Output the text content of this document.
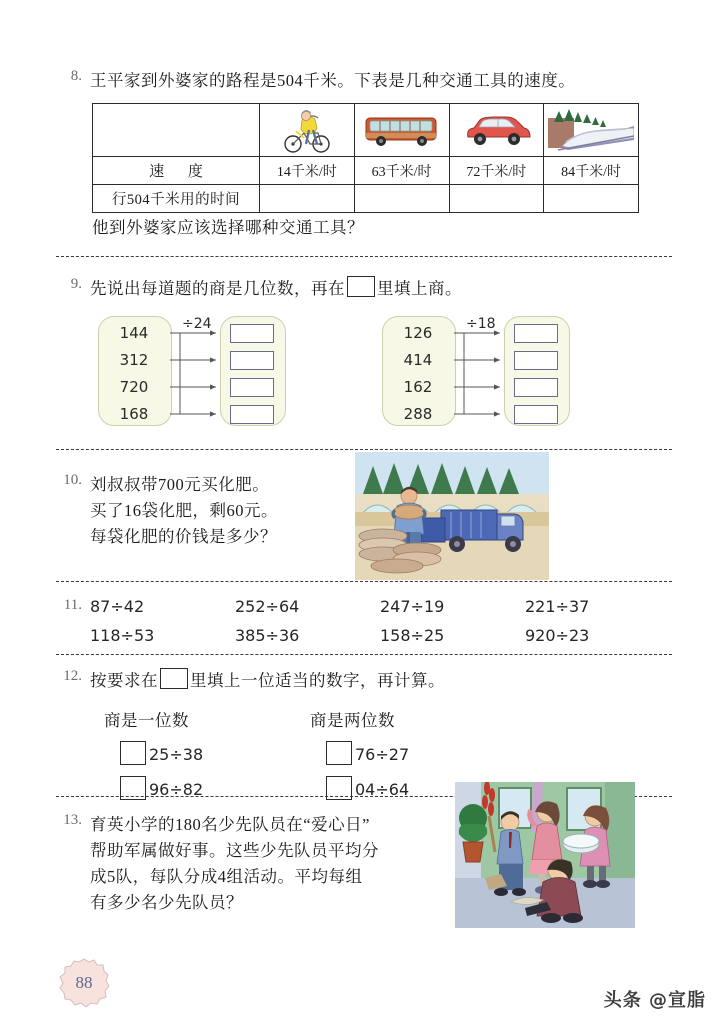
8. 王平家到外婆家的路程是504千米。下表是几种交通工具的速度。

速 度	14千米/时	63千米/时	72千米/时	84千米/时
行504千米用的时间				
他到外婆家应该选择哪种交通工具？
9. 先说出每道题的商是几位数，再在 里填上商。
144
312
720
168
÷24	126
414
162
288
÷18
10. 刘叔叔带700元买化肥。
买了16袋化肥，剩60元。
每袋化肥的价钱是多少？
11. 87÷42	252÷64	247÷19	221÷37
118÷53	385÷36	158÷25	920÷23
12. 按要求在 里填上一位适当的数字，再计算。
商是一位数
25÷38
96÷82
商是两位数
76÷27
04÷64
13. 育英小学的180名少先队员在“爱心日”
帮助军属做好事。这些少先队员平均分
成5队，每队分成4组活动。平均每组
有多少名少先队员？
88
头条 @宣脂
